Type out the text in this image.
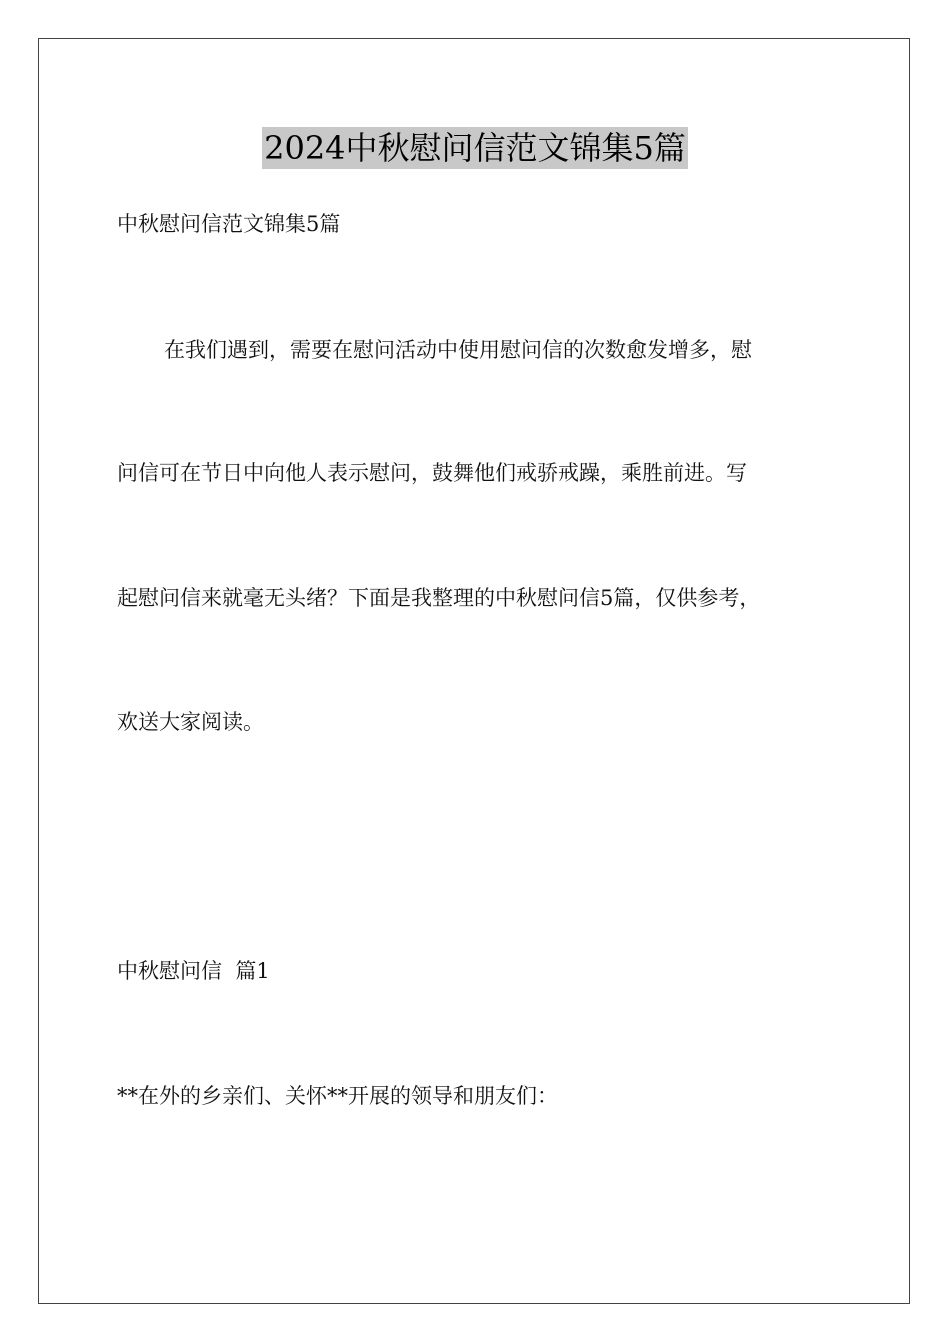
2024中秋慰问信范文锦集5篇
中秋慰问信范文锦集5篇
在我们遇到，需要在慰问活动中使用慰问信的次数愈发增多，慰
问信可在节日中向他人表示慰问，鼓舞他们戒骄戒躁，乘胜前进。写
起慰问信来就毫无头绪？下面是我整理的中秋慰问信5篇，仅供参考，
欢送大家阅读。
中秋慰问信  篇1
**在外的乡亲们、关怀**开展的领导和朋友们：
